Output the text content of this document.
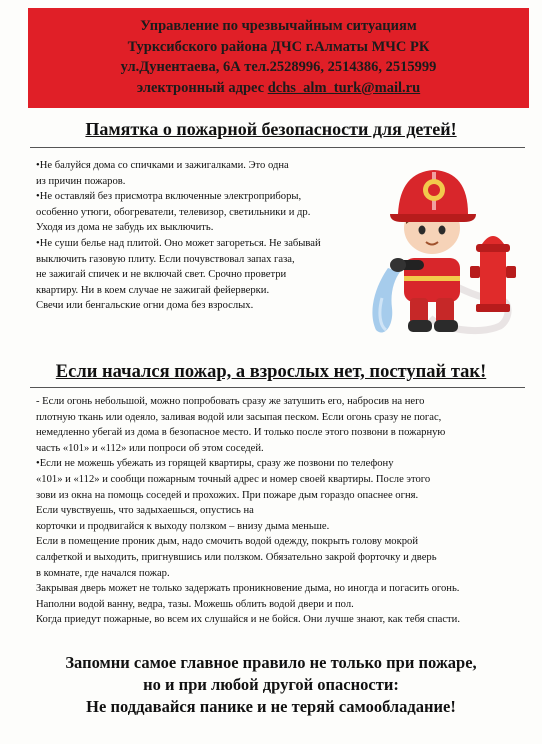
Управление по чрезвычайным ситуациям
Турксибского района ДЧС г.Алматы МЧС РК
ул.Дунентаева, 6А тел.2528996, 2514386, 2515999
электронный адрес dchs_alm_turk@mail.ru
Памятка о пожарной безопасности для детей!
•Не балуйся дома со спичками и зажигалками. Это одна
из причин пожаров.
•Не оставляй без присмотра включенные электроприборы,
особенно утюги, обогреватели, телевизор, светильники и др.
Уходя из дома не забудь их выключить.
•Не суши белье над плитой. Оно может загореться. Не забывай
выключить газовую плиту. Если почувствовал запах газа,
не зажигай спичек и не включай свет. Срочно проветри
квартиру. Ни в коем случае не зажигай фейерверки.
Свечи или бенгальские огни дома без взрослых.
Если начался пожар, а взрослых нет, поступай так!
- Если огонь небольшой, можно попробовать сразу же затушить его, набросив на него
плотную ткань или одеяло, заливая водой или засыпая песком. Если огонь сразу не погас,
немедленно убегай из дома в безопасное место. И только после этого позвони в пожарную
часть «101» и «112» или попроси об этом соседей.
•Если не можешь убежать из горящей квартиры, сразу же позвони по телефону
«101» и «112» и сообщи пожарным точный адрес и номер своей квартиры. После этого
зови из окна на помощь соседей и прохожих. При пожаре дым гораздо опаснее огня.
Если чувствуешь, что задыхаешься, опустись на
корточки и продвигайся к выходу ползком – внизу дыма меньше.
Если в помещение проник дым, надо смочить водой одежду, покрыть голову мокрой
салфеткой и выходить, пригнувшись или ползком. Обязательно закрой форточку и дверь
в комнате, где начался пожар.
Закрывая дверь может не только задержать проникновение дыма, но иногда и погасить огонь.
Наполни водой ванну, ведра, тазы. Можешь облить водой двери и пол.
Когда приедут пожарные, во всем их слушайся и не бойся. Они лучше знают, как тебя спасти.
Запомни самое главное правило не только при пожаре,
но и при любой другой опасности:
Не поддавайся панике и не теряй самообладание!
